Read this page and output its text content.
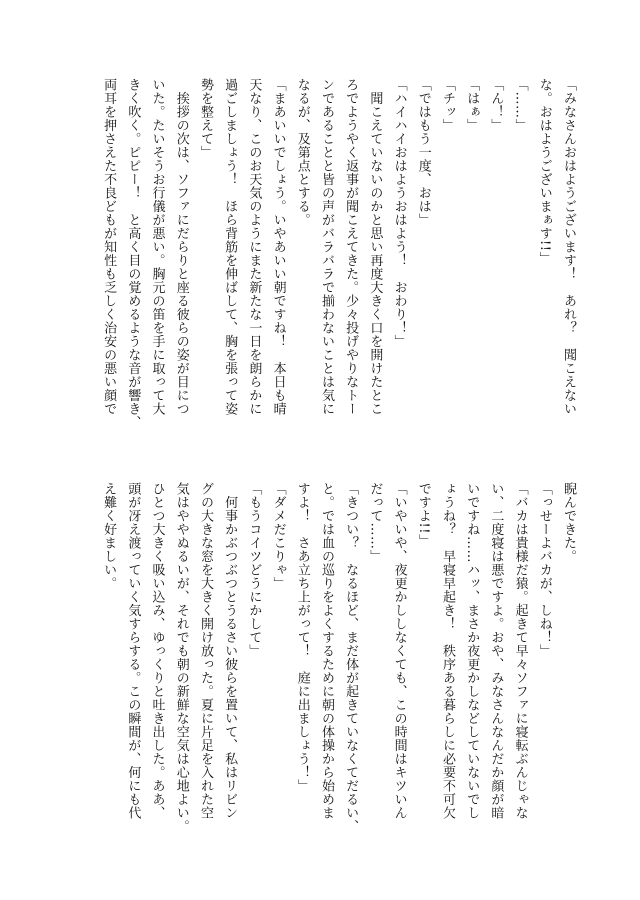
「みなさんおはようございます！　あれ？　聞こえない
な。おはようございまぁす!!」
「……」
「ん！」
「はぁ」
「チッ」
「ではもう一度、おは」
「ハイハイおはようおはよう！　おわり！」
　聞こえていないのかと思い再度大きく口を開けたとこ
ろでようやく返事が聞こえてきた。少々投げやりなトー
ンであることと皆の声がバラバラで揃わないことは気に
なるが、及第点とする。
「まあいいでしょう。いやあいい朝ですね！　本日も晴
天なり、このお天気のようにまた新たな一日を朗らかに
過ごしましょう！　ほら背筋を伸ばして、胸を張って姿
勢を整えて」
　挨拶の次は、ソファにだらりと座る彼らの姿が目につ
いた。たいそうお行儀が悪い。胸元の笛を手に取って大
きく吹く。ピピー！　と高く目の覚めるような音が響き、
両耳を押さえた不良どもが知性も乏しく治安の悪い顔で
睨んできた。
「っせーよバカが、しね！」
「バカは貴様だ猿。起きて早々ソファに寝転ぶんじゃな
い、二度寝は悪ですよ。おや、みなさんなんだか顔が暗
いですね……ハッ、まさか夜更かしなどしていないでし
ょうね？　早寝早起き！　秩序ある暮らしに必要不可欠
ですよ!!」
「いやいや、夜更かししなくても、この時間はキツいん
だって……」
「きつい？　なるほど、まだ体が起きていなくてだるい、
と。では血の巡りをよくするために朝の体操から始めま
すよ！　さあ立ち上がって！　庭に出ましょう！」
「ダメだこりゃ」
「もうコイツどうにかして」
　何事かぶつぶつとうるさい彼らを置いて、私はリビン
グの大きな窓を大きく開け放った。夏に片足を入れた空
気はややぬるいが、それでも朝の新鮮な空気は心地よい。
ひとつ大きく吸い込み、ゆっくりと吐き出した。ああ、
頭が冴え渡っていく気すらする。この瞬間が、何にも代
え難く好ましい。
